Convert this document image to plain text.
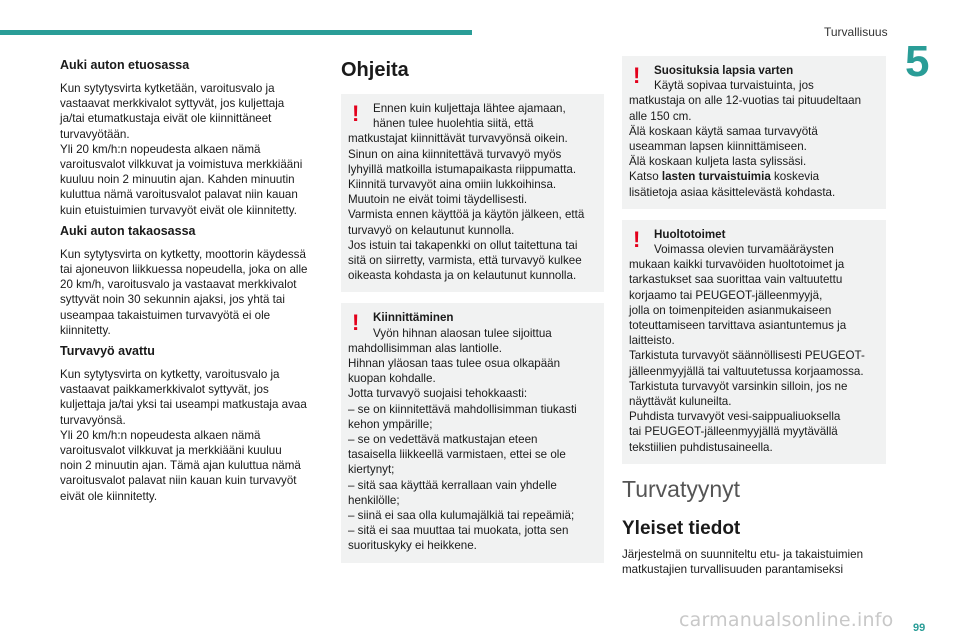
Turvallisuus
5
Auki auton etuosassa
Kun sytytysvirta kytketään, varoitusvalo ja
vastaavat merkkivalot syttyvät, jos kuljettaja
ja/tai etumatkustaja eivät ole kiinnittäneet
turvavyötään.
Yli 20 km/h:n nopeudesta alkaen nämä
varoitusvalot vilkkuvat ja voimistuva merkkiääni
kuuluu noin 2 minuutin ajan. Kahden minuutin
kuluttua nämä varoitusvalot palavat niin kauan
kuin etuistuimien turvavyöt eivät ole kiinnitetty.
Auki auton takaosassa
Kun sytytysvirta on kytketty, moottorin käydessä
tai ajoneuvon liikkuessa nopeudella, joka on alle
20 km/h, varoitusvalo ja vastaavat merkkivalot
syttyvät noin 30 sekunnin ajaksi, jos yhtä tai
useampaa takaistuimen turvavyötä ei ole
kiinnitetty.
Turvavyö avattu
Kun sytytysvirta on kytketty, varoitusvalo ja
vastaavat paikkamerkkivalot syttyvät, jos
kuljettaja ja/tai yksi tai useampi matkustaja avaa
turvavyönsä.
Yli 20 km/h:n nopeudesta alkaen nämä
varoitusvalot vilkkuvat ja merkkiääni kuuluu
noin 2 minuutin ajan. Tämä ajan kuluttua nämä
varoitusvalot palavat niin kauan kuin turvavyöt
eivät ole kiinnitetty.
Ohjeita
!	Ennen kuin kuljettaja lähtee ajamaan,
hänen tulee huolehtia siitä, että
matkustajat kiinnittävät turvavyönsä oikein.
Sinun on aina kiinnitettävä turvavyö myös
lyhyillä matkoilla istumapaikasta riippumatta.
Kiinnitä turvavyöt aina omiin lukkoihinsa.
Muutoin ne eivät toimi täydellisesti.
Varmista ennen käyttöä ja käytön jälkeen, että
turvavyö on kelautunut kunnolla.
Jos istuin tai takapenkki on ollut taitettuna tai
sitä on siirretty, varmista, että turvavyö kulkee
oikeasta kohdasta ja on kelautunut kunnolla.
!	Kiinnittäminen
Vyön hihnan alaosan tulee sijoittua
mahdollisimman alas lantiolle.
Hihnan yläosan taas tulee osua olkapään
kuopan kohdalle.
Jotta turvavyö suojaisi tehokkaasti:
– se on kiinnitettävä mahdollisimman tiukasti
kehon ympärille;
– se on vedettävä matkustajan eteen
tasaisella liikkeellä varmistaen, ettei se ole
kiertynyt;
– sitä saa käyttää kerrallaan vain yhdelle
henkilölle;
– siinä ei saa olla kulumajälkiä tai repeämiä;
– sitä ei saa muuttaa tai muokata, jotta sen
suorituskyky ei heikkene.
!	Suosituksia lapsia varten
Käytä sopivaa turvaistuinta, jos
matkustaja on alle 12-vuotias tai pituudeltaan
alle 150 cm.
Älä koskaan käytä samaa turvavyötä
useamman lapsen kiinnittämiseen.
Älä koskaan kuljeta lasta sylissäsi.
Katso lasten turvaistuimia koskevia
lisätietoja asiaa käsittelevästä kohdasta.
!	Huoltotoimet
Voimassa olevien turvamääräysten
mukaan kaikki turvavöiden huoltotoimet ja
tarkastukset saa suorittaa vain valtuutettu
korjaamo tai PEUGEOT-jälleenmyyjä,
jolla on toimenpiteiden asianmukaiseen
toteuttamiseen tarvittava asiantuntemus ja
laitteisto.
Tarkistuta turvavyöt säännöllisesti PEUGEOT-
jälleenmyyjällä tai valtuutetussa korjaamossa.
Tarkistuta turvavyöt varsinkin silloin, jos ne
näyttävät kuluneilta.
Puhdista turvavyöt vesi-saippualiuoksella
tai PEUGEOT-jälleenmyyjällä myytävällä
tekstiilien puhdistusaineella.
Turvatyynyt
Yleiset tiedot
Järjestelmä on suunniteltu etu- ja takaistuimien
matkustajien turvallisuuden parantamiseksi
carmanualsonline.info 99
